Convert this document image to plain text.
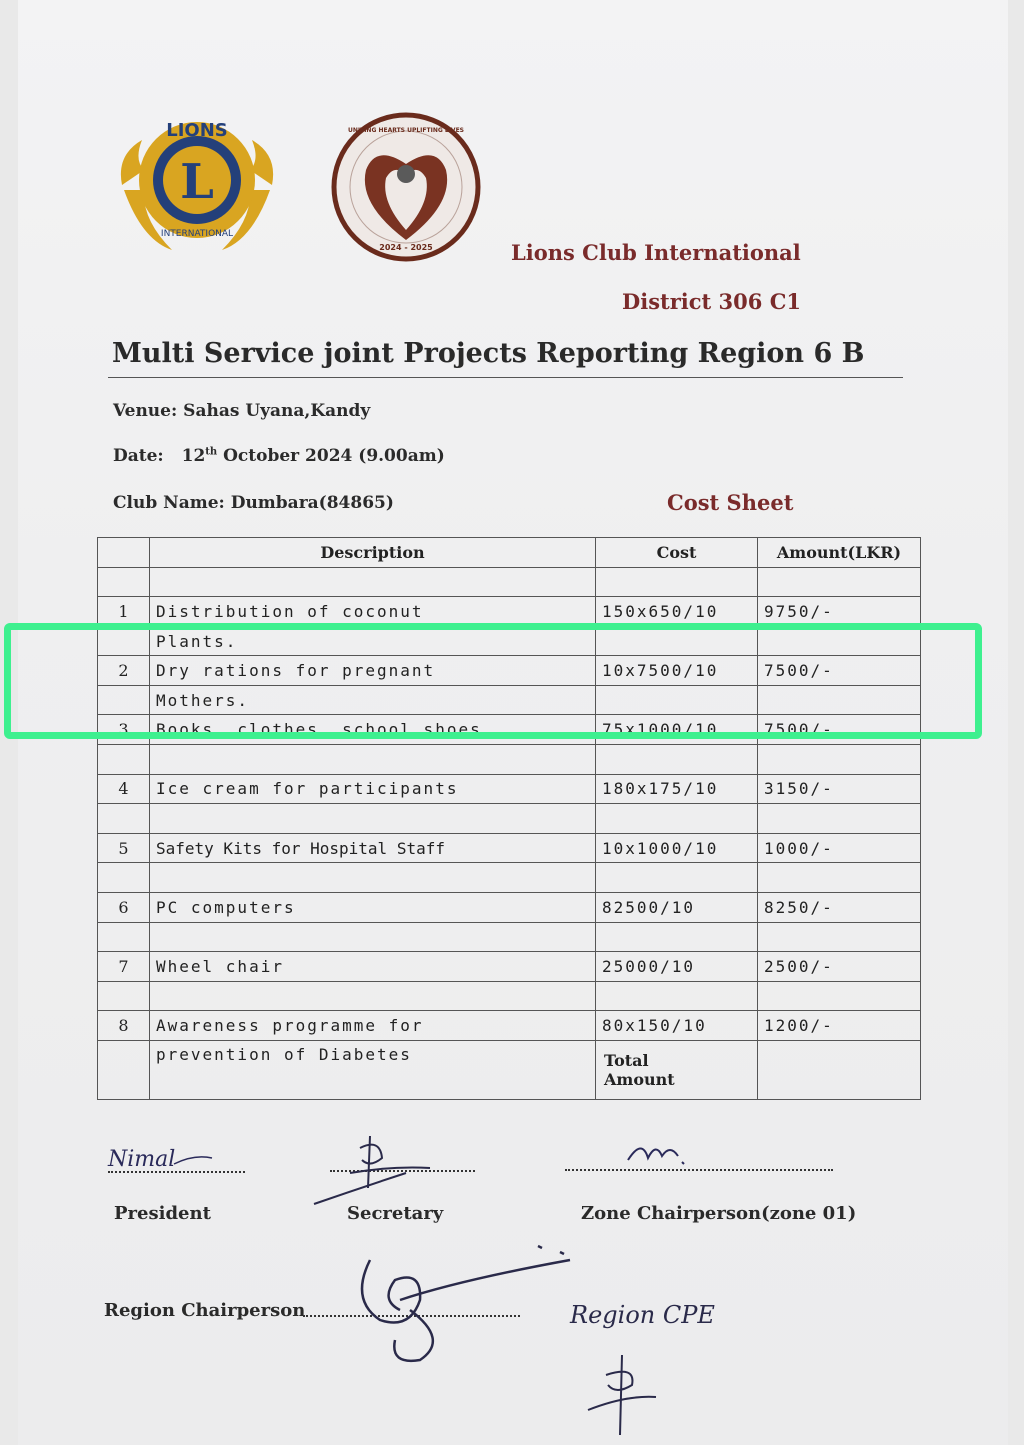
L
LIONS
INTERNATIONAL
UNITING HEARTS UPLIFTING LIVES
2024 - 2025	Lions Club International
District 306 C1
Multi Service joint Projects Reporting Region 6 B
Venue: Sahas Uyana,Kandy
Date: 12th October 2024 (9.00am)
Club Name: Dumbara(84865)	Cost Sheet
	Description	Cost	Amount(LKR)

1	Distribution of coconut	150x650/10	9750/-
	Plants.		
2	Dry rations for pregnant	10x7500/10	7500/-
	Mothers.		
3	Books, clothes, school shoes	75x1000/10	7500/-

4	Ice cream for participants	180x175/10	3150/-

5	Safety Kits for Hospital Staff	10x1000/10	1000/-

6	PC computers	82500/10	8250/-

7	Wheel chair	25000/10	2500/-

8	Awareness programme for	80x150/10	1200/-
	prevention of Diabetes	Total
Amount	

Nimal
President	Secretary	Zone Chairperson(zone 01)
Region Chairperson	Region CPE
